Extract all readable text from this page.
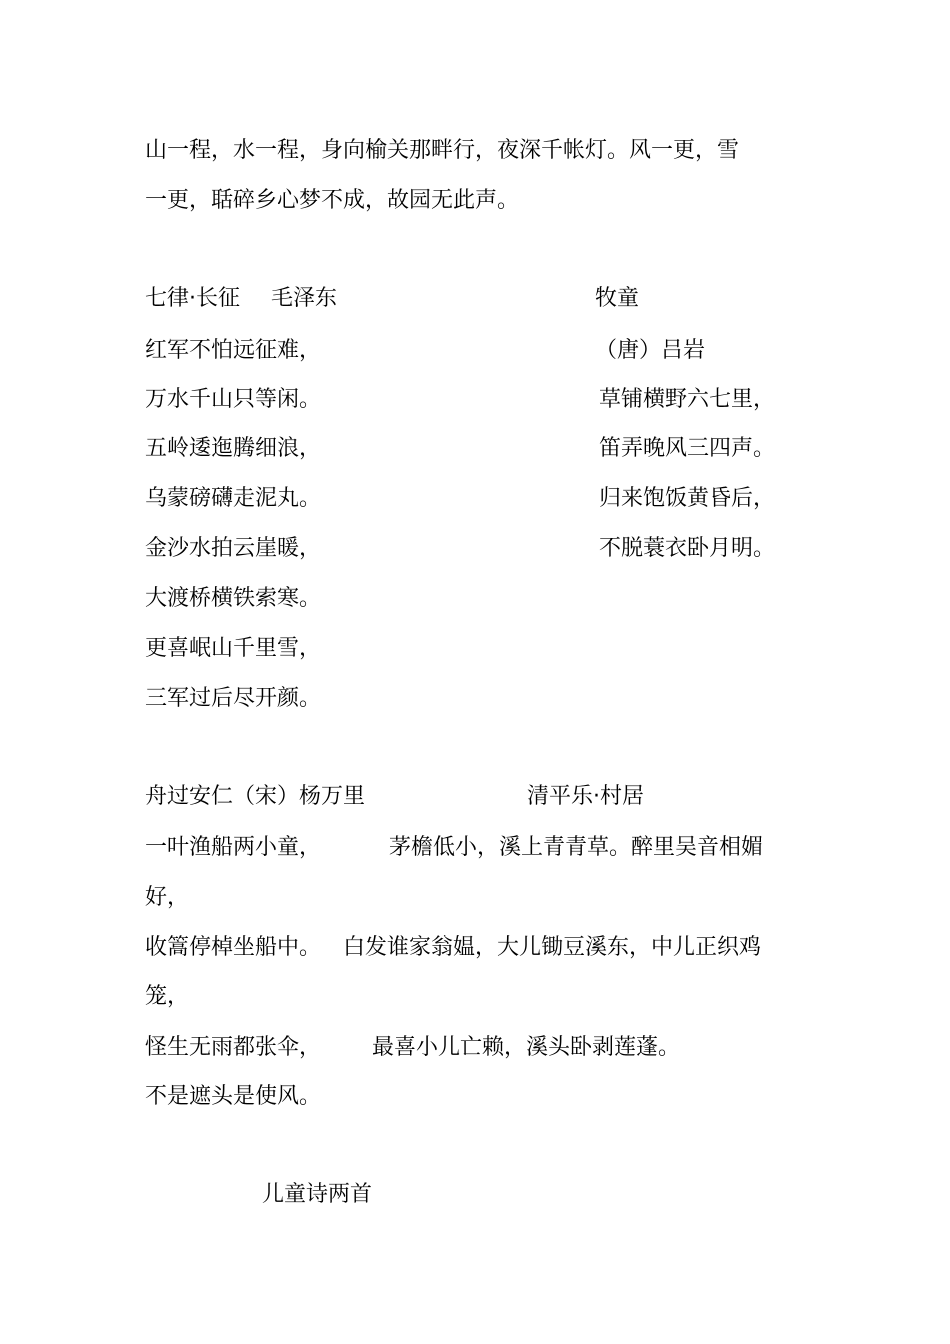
山一程，水一程，身向榆关那畔行，夜深千帐灯。风一更，雪

一更，聒碎乡心梦不成，故园无此声。

七律·长征 毛泽东

红军不怕远征难，

万水千山只等闲。

五岭逶迤腾细浪，

乌蒙磅礴走泥丸。

金沙水拍云崖暖，

大渡桥横铁索寒。

更喜岷山千里雪，

三军过后尽开颜。

牧童

（唐）吕岩

草铺横野六七里，

笛弄晚风三四声。

归来饱饭黄昏后，

不脱蓑衣卧月明。

舟过安仁（宋）杨万里

一叶渔船两小童，

收篙停棹坐船中。

怪生无雨都张伞，

不是遮头是使风。

清平乐·村居

茅檐低小，溪上青青草。醉里吴音相媚

好，

白发谁家翁媪，大儿锄豆溪东，中儿正织鸡

笼，

最喜小儿亡赖，溪头卧剥莲蓬。

儿童诗两首
